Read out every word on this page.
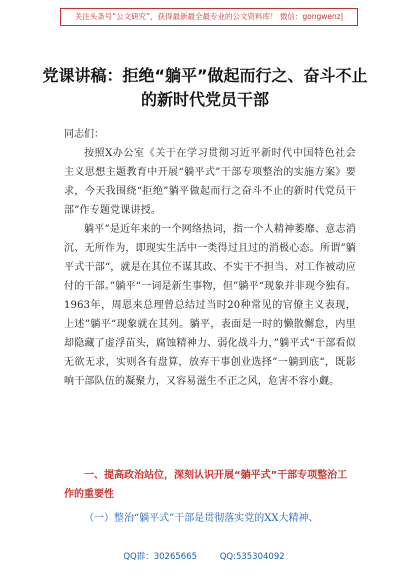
关注头条号“公文研究”，获得最新最全最专业的公文资料库！ 微信：gongwenz|
党课讲稿：拒绝“躺平”做起而行之、奋斗不止的新时代党员干部
同志们：

按照X办公室《关于在学习贯彻习近平新时代中国特色社会主义思想主题教育中开展“躺平式”干部专项整治的实施方案》要求，今天我围绕“拒绝”躺平做起而行之奋斗不止的新时代党员干部”作专题党课讲授。

躺平”是近年来的一个网络热词，指一个人精神萎靡、意志消沉、无所作为，即现实生活中一类得过且过的消极心态。所谓”躺平式干部“，就是在其位不谋其政、不实干不担当、对工作被动应付的干部。”躺平“一词是新生事物，但”躺平“现象并非现今独有。1963年，周恩来总理曾总结过当时20种常见的官僚主义表现，上述”躺平“现象就在其列。躺平，表面是一时的懒散懈怠，内里却隐藏了虚浮苗头，腐蚀精神力、弱化战斗力，”躺平式“干部看似无欲无求，实则各有盘算，放弃干事创业选择”一躺到底“，既影响干部队伍的凝聚力，又容易滋生不正之风，危害不容小觑。

一、提高政治站位，深刻认识开展“躺平式”干部专项整治工作的重要性

（一）整治“躺平式”干部是贯彻落实党的XX大精神、

QQ群：30265665	QQ:535304092
